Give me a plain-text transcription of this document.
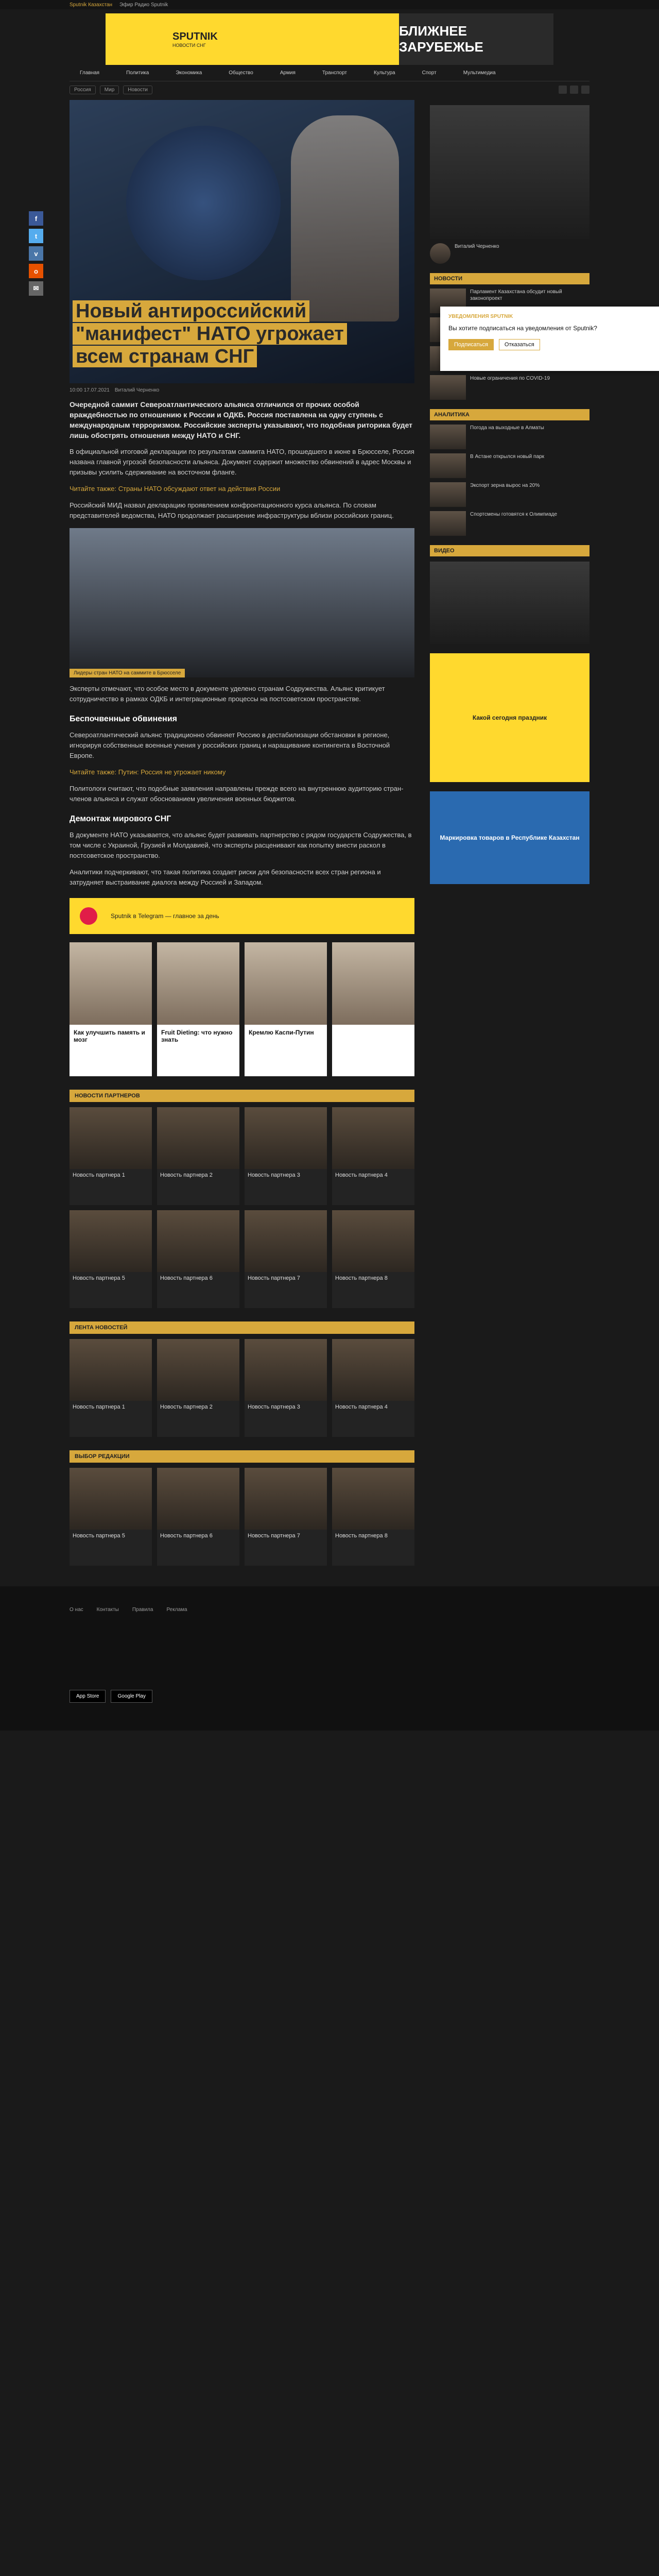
Sputnik Казахстан Эфир Радио Sputnik
SPUTNIK
НОВОСТИ СНГ
БЛИЖНЕЕ ЗАРУБЕЖЬЕ
Главная	Политика	Экономика	Общество	Армия	Транспорт	Культура	Спорт	Мультимедиа
Россия	Мир	Новости
f
t
v
o
✉
Новый антироссийский "манифест" НАТО угрожает всем странам СНГ
10:00 17.07.2021 Виталий Черненко
Очередной саммит Североатлантического альянса отличился от прочих особой враждебностью по отношению к России и ОДКБ. Россия поставлена на одну ступень с международным терроризмом. Российские эксперты указывают, что подобная риторика будет лишь обострять отношения между НАТО и СНГ.

В официальной итоговой декларации по результатам саммита НАТО, прошедшего в июне в Брюсселе, Россия названа главной угрозой безопасности альянса. Документ содержит множество обвинений в адрес Москвы и призывы усилить сдерживание на восточном фланге.

Читайте также: Страны НАТО обсуждают ответ на действия России

Российский МИД назвал декларацию проявлением конфронтационного курса альянса. По словам представителей ведомства, НАТО продолжает расширение инфраструктуры вблизи российских границ.

Лидеры стран НАТО на саммите в Брюсселе

Эксперты отмечают, что особое место в документе уделено странам Содружества. Альянс критикует сотрудничество в рамках ОДКБ и интеграционные процессы на постсоветском пространстве.

Беспочвенные обвинения

Североатлантический альянс традиционно обвиняет Россию в дестабилизации обстановки в регионе, игнорируя собственные военные учения у российских границ и наращивание контингента в Восточной Европе.

Читайте также: Путин: Россия не угрожает никому

Политологи считают, что подобные заявления направлены прежде всего на внутреннюю аудиторию стран-членов альянса и служат обоснованием увеличения военных бюджетов.

Демонтаж мирового СНГ

В документе НАТО указывается, что альянс будет развивать партнерство с рядом государств Содружества, в том числе с Украиной, Грузией и Молдавией, что эксперты расценивают как попытку внести раскол в постсоветское пространство.

Аналитики подчеркивают, что такая политика создает риски для безопасности всех стран региона и затрудняет выстраивание диалога между Россией и Западом.

Sputnik в Telegram — главное за день
Как улучшить память и мозг
Fruit Dieting: что нужно знать
Кремлю Каспи-Путин
НОВОСТИ ПАРТНЕРОВ
Новость партнера 1	Новость партнера 2	Новость партнера 3	Новость партнера 4
Новость партнера 5	Новость партнера 6	Новость партнера 7	Новость партнера 8
ЛЕНТА НОВОСТЕЙ
Новость партнера 1	Новость партнера 2	Новость партнера 3	Новость партнера 4
ВЫБОР РЕДАКЦИИ
Новость партнера 5	Новость партнера 6	Новость партнера 7	Новость партнера 8
Виталий Черненко
НОВОСТИ
Парламент Казахстана обсудит новый законопроект
Новые ограничения по COVID-19
АНАЛИТИКА
Погода на выходные в Алматы
В Астане открылся новый парк
Экспорт зерна вырос на 20%
Спортсмены готовятся к Олимпиаде
ВИДЕО
Какой сегодня праздник
Маркировка товаров в Республике Казахстан
О нас	Контакты	Правила	Реклама
App Store	Google Play
УВЕДОМЛЕНИЯ SPUTNIK
Вы хотите подписаться на уведомления от Sputnik?
Подписаться	Отказаться
